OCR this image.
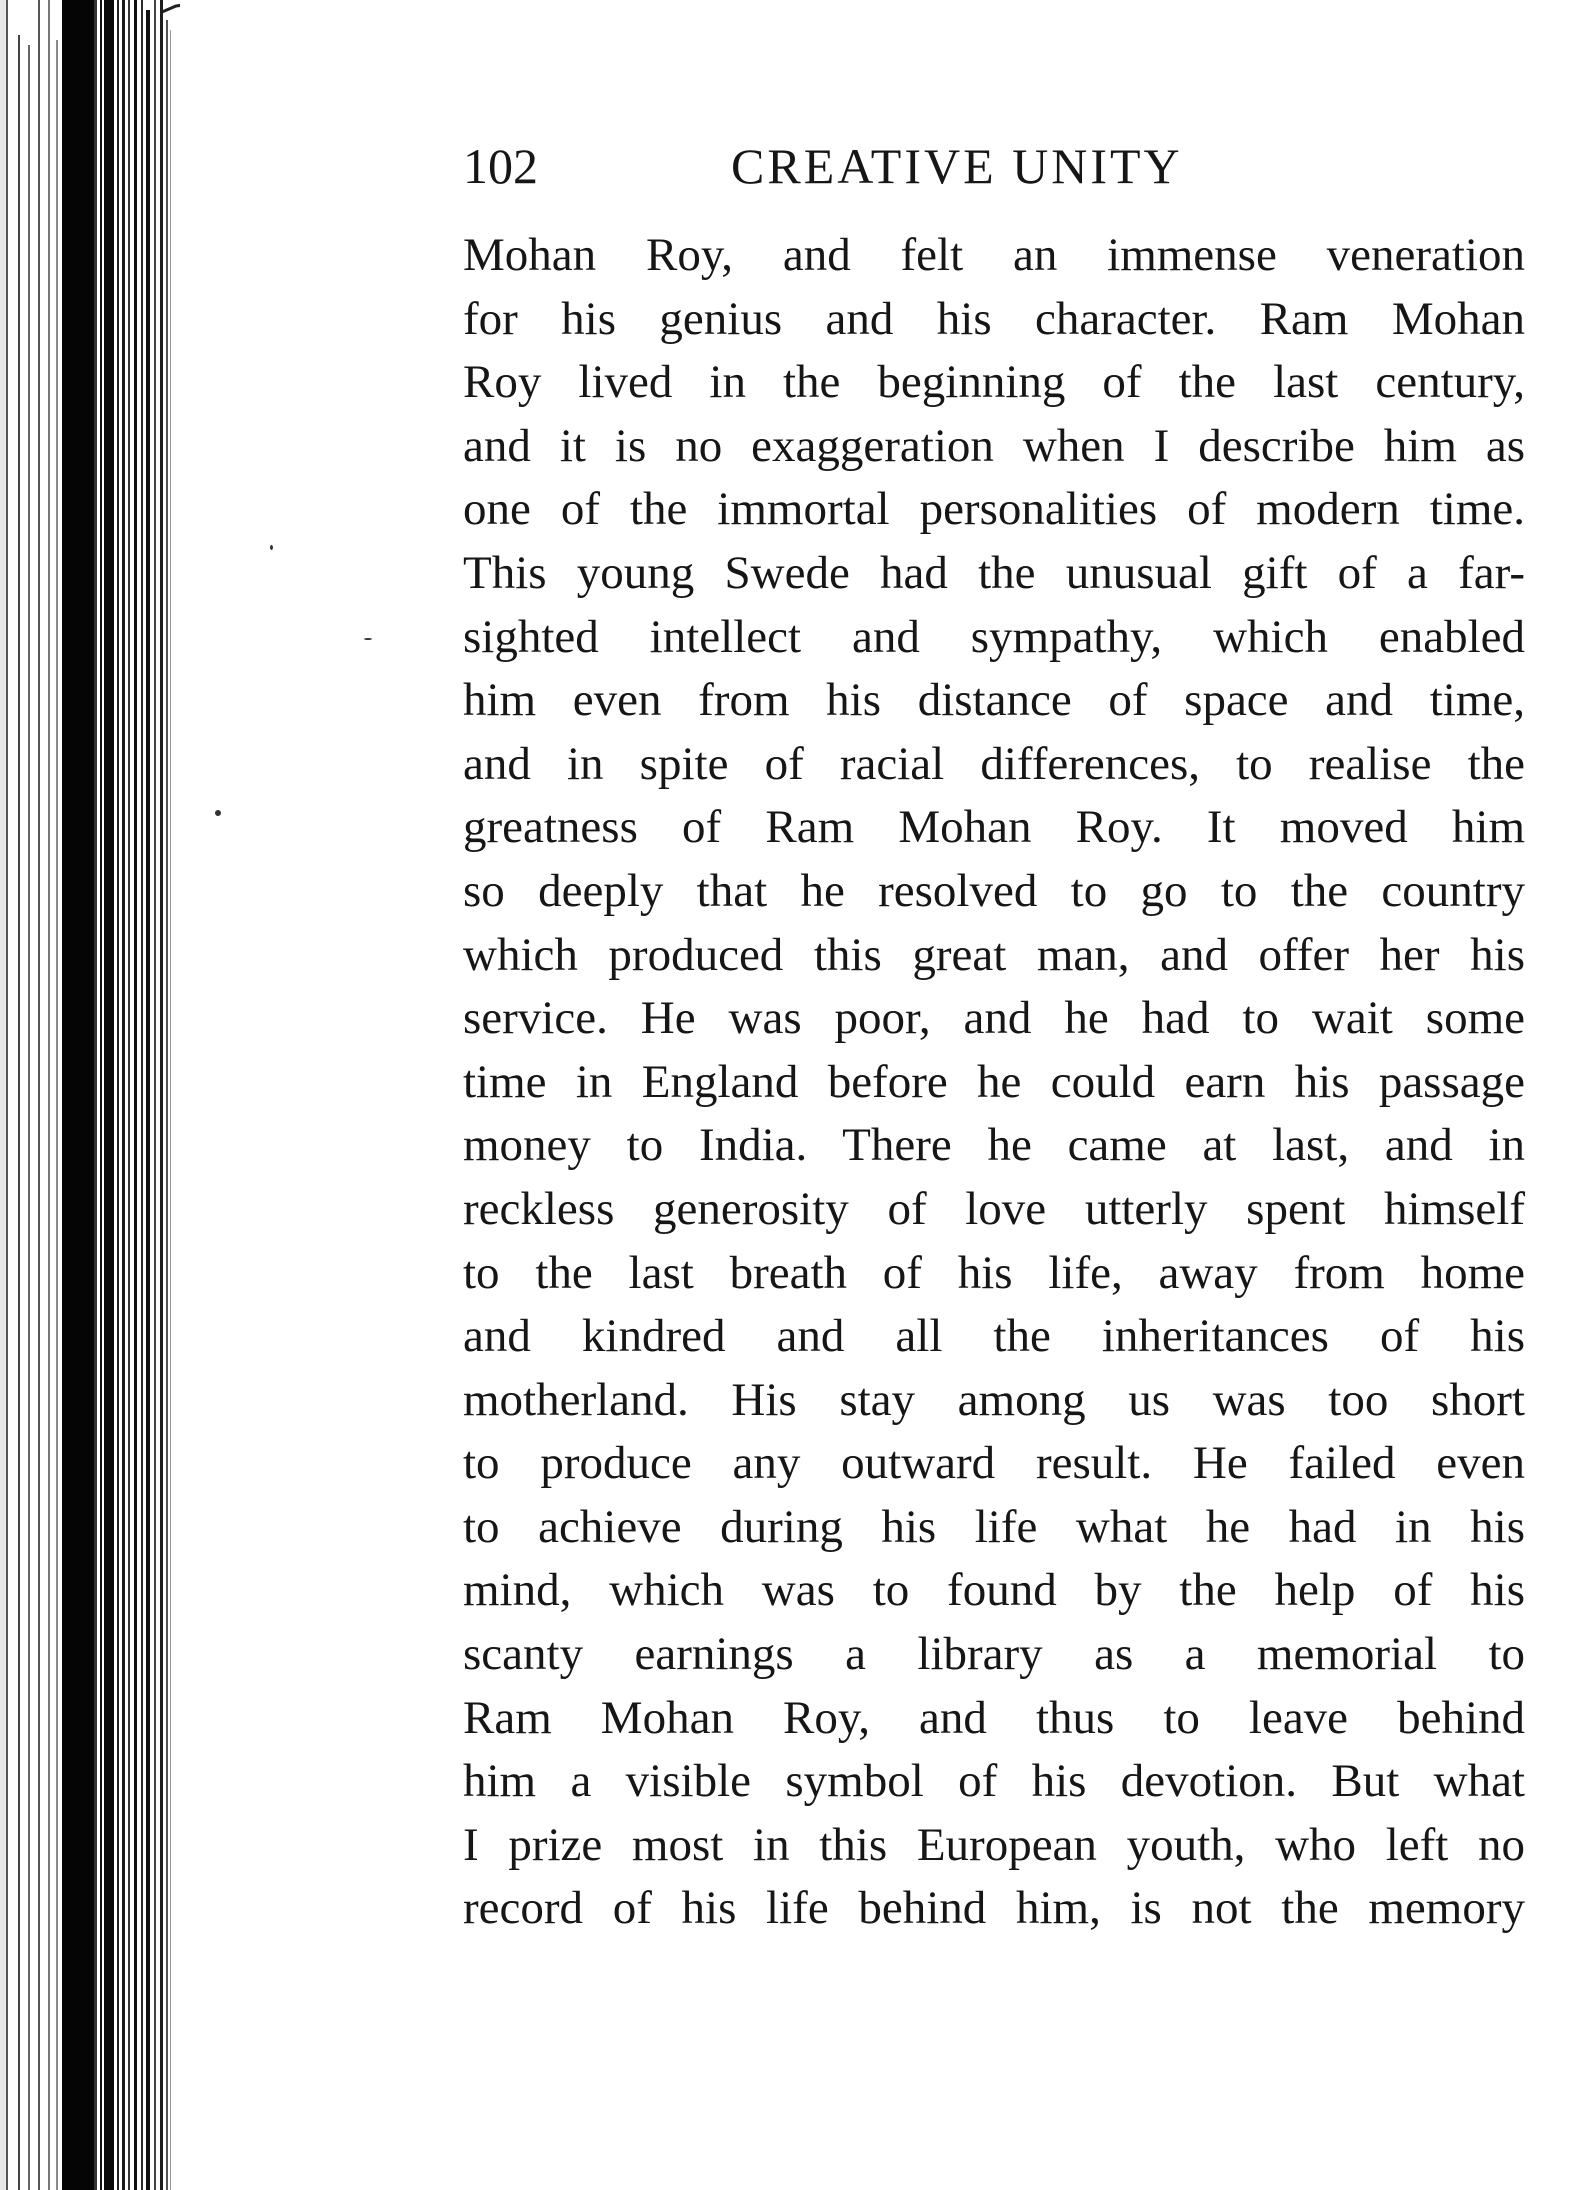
102	CREATIVE UNITY
Mohan Roy, and felt an immense veneration
for his genius and his character. Ram Mohan
Roy lived in the beginning of the last century,
and it is no exaggeration when I describe him as
one of the immortal personalities of modern time.
This young Swede had the unusual gift of a far-
sighted intellect and sympathy, which enabled
him even from his distance of space and time,
and in spite of racial differences, to realise the
greatness of Ram Mohan Roy. It moved him
so deeply that he resolved to go to the country
which produced this great man, and offer her his
service. He was poor, and he had to wait some
time in England before he could earn his passage
money to India. There he came at last, and in
reckless generosity of love utterly spent himself
to the last breath of his life, away from home
and kindred and all the inheritances of his
motherland. His stay among us was too short
to produce any outward result. He failed even
to achieve during his life what he had in his
mind, which was to found by the help of his
scanty earnings a library as a memorial to
Ram Mohan Roy, and thus to leave behind
him a visible symbol of his devotion. But what
I prize most in this European youth, who left no
record of his life behind him, is not the memory
